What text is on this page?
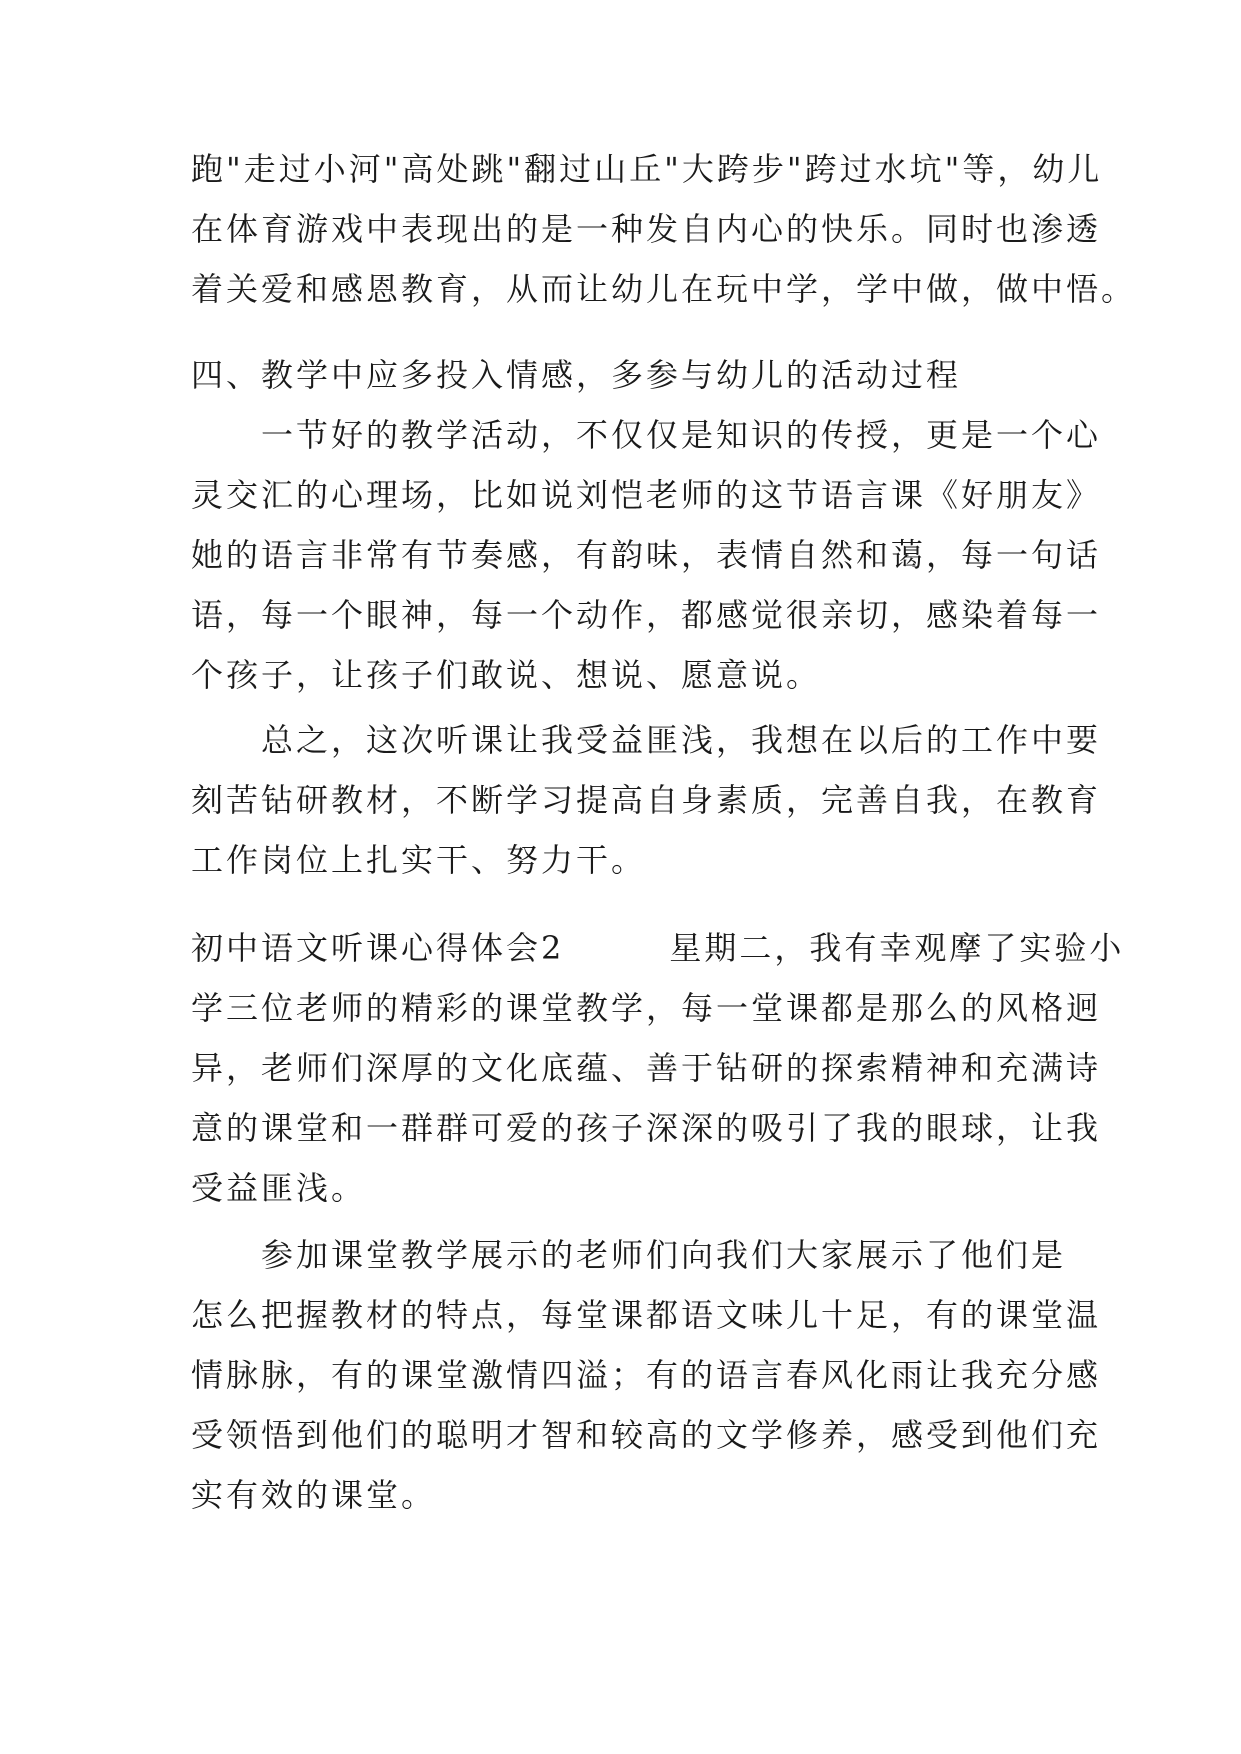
跑"走过小河"高处跳"翻过山丘"大跨步"跨过水坑"等，幼儿
在体育游戏中表现出的是一种发自内心的快乐。同时也渗透
着关爱和感恩教育，从而让幼儿在玩中学，学中做，做中悟。
四、教学中应多投入情感，多参与幼儿的活动过程
一节好的教学活动，不仅仅是知识的传授，更是一个心
灵交汇的心理场，比如说刘恺老师的这节语言课《好朋友》
她的语言非常有节奏感，有韵味，表情自然和蔼，每一句话
语，每一个眼神，每一个动作，都感觉很亲切，感染着每一
个孩子，让孩子们敢说、想说、愿意说。
总之，这次听课让我受益匪浅，我想在以后的工作中要
刻苦钻研教材，不断学习提高自身素质，完善自我，在教育
工作岗位上扎实干、努力干。
初中语文听课心得体会2　　　星期二，我有幸观摩了实验小
学三位老师的精彩的课堂教学，每一堂课都是那么的风格迥
异，老师们深厚的文化底蕴、善于钻研的探索精神和充满诗
意的课堂和一群群可爱的孩子深深的吸引了我的眼球，让我
受益匪浅。
参加课堂教学展示的老师们向我们大家展示了他们是
怎么把握教材的特点，每堂课都语文味儿十足，有的课堂温
情脉脉，有的课堂激情四溢；有的语言春风化雨让我充分感
受领悟到他们的聪明才智和较高的文学修养，感受到他们充
实有效的课堂。
